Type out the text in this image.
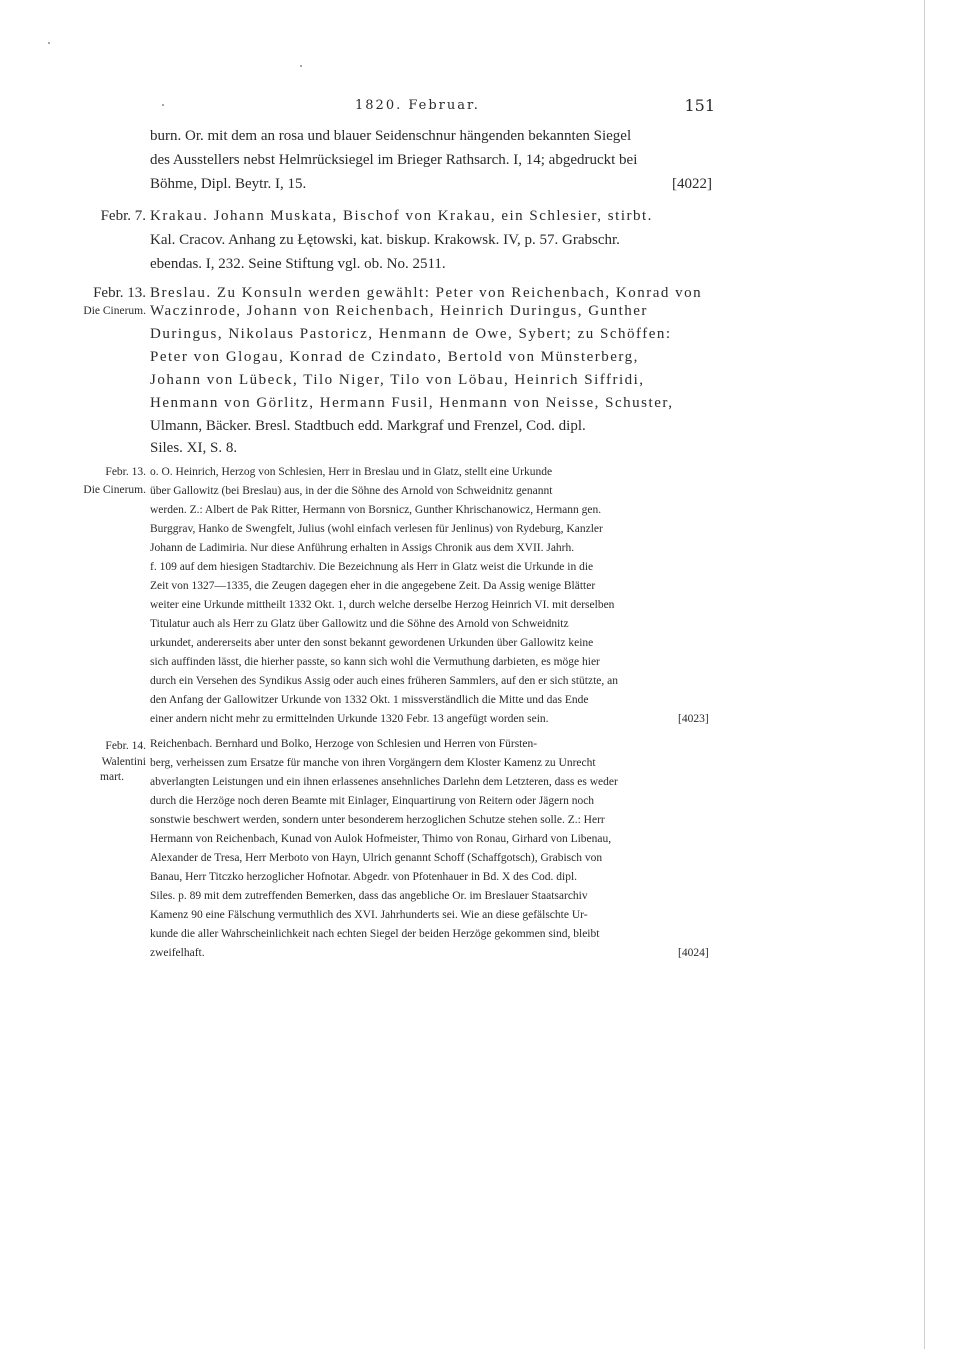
1820. Februar.	151
burn. Or. mit dem an rosa und blauer Seidenschnur hängenden bekannten Siegel
des Ausstellers nebst Helmrücksiegel im Brieger Rathsarch. I, 14; abgedruckt bei
Böhme, Dipl. Beytr. I, 15.	[4022]
Febr. 7. Krakau. Johann Muskata, Bischof von Krakau, ein Schlesier, stirbt.
Kal. Cracov. Anhang zu Łętowski, kat. biskup. Krakowsk. IV, p. 57. Grabschr.
ebendas. I, 232. Seine Stiftung vgl. ob. No. 2511.
Febr. 13.
Die Cinerum.
Breslau. Zu Konsuln werden gewählt: Peter von Reichenbach, Konrad von
Waczinrode, Johann von Reichenbach, Heinrich Duringus, Gunther
Duringus, Nikolaus Pastoricz, Henmann de Owe, Sybert; zu Schöffen:
Peter von Glogau, Konrad de Czindato, Bertold von Münsterberg,
Johann von Lübeck, Tilo Niger, Tilo von Löbau, Heinrich Siffridi,
Henmann von Görlitz, Hermann Fusil, Henmann von Neisse, Schuster,
Ulmann, Bäcker. Bresl. Stadtbuch edd. Markgraf und Frenzel, Cod. dipl.
Siles. XI, S. 8.
Febr. 13.
Die Cinerum.
o. O. Heinrich, Herzog von Schlesien, Herr in Breslau und in Glatz, stellt eine Urkunde
über Gallowitz (bei Breslau) aus, in der die Söhne des Arnold von Schweidnitz genannt
werden. Z.: Albert de Pak Ritter, Hermann von Borsnicz, Gunther Khrischanowicz, Hermann gen.
Burggrav, Hanko de Swengfelt, Julius (wohl einfach verlesen für Jenlinus) von Rydeburg, Kanzler
Johann de Ladimiria. Nur diese Anführung erhalten in Assigs Chronik aus dem XVII. Jahrh.
f. 109 auf dem hiesigen Stadtarchiv. Die Bezeichnung als Herr in Glatz weist die Urkunde in die
Zeit von 1327—1335, die Zeugen dagegen eher in die angegebene Zeit. Da Assig wenige Blätter
weiter eine Urkunde mittheilt 1332 Okt. 1, durch welche derselbe Herzog Heinrich VI. mit derselben
Titulatur auch als Herr zu Glatz über Gallowitz und die Söhne des Arnold von Schweidnitz
urkundet, andererseits aber unter den sonst bekannt gewordenen Urkunden über Gallowitz keine
sich auffinden lässt, die hierher passte, so kann sich wohl die Vermuthung darbieten, es möge hier
durch ein Versehen des Syndikus Assig oder auch eines früheren Sammlers, auf den er sich stützte, an
den Anfang der Gallowitzer Urkunde von 1332 Okt. 1 missverständlich die Mitte und das Ende
einer andern nicht mehr zu ermittelnden Urkunde 1320 Febr. 13 angefügt worden sein.	[4023]
Febr. 14.
Walentini
mart.
Reichenbach. Bernhard und Bolko, Herzoge von Schlesien und Herren von Fürsten-
berg, verheissen zum Ersatze für manche von ihren Vorgängern dem Kloster Kamenz zu Unrecht
abverlangten Leistungen und ein ihnen erlassenes ansehnliches Darlehn dem Letzteren, dass es weder
durch die Herzöge noch deren Beamte mit Einlager, Einquartirung von Reitern oder Jägern noch
sonstwie beschwert werden, sondern unter besonderem herzoglichen Schutze stehen solle. Z.: Herr
Hermann von Reichenbach, Kunad von Aulok Hofmeister, Thimo von Ronau, Girhard von Libenau,
Alexander de Tresa, Herr Merboto von Hayn, Ulrich genannt Schoff (Schaffgotsch), Grabisch von
Banau, Herr Titczko herzoglicher Hofnotar. Abgedr. von Pfotenhauer in Bd. X des Cod. dipl.
Siles. p. 89 mit dem zutreffenden Bemerken, dass das angebliche Or. im Breslauer Staatsarchiv
Kamenz 90 eine Fälschung vermuthlich des XVI. Jahrhunderts sei. Wie an diese gefälschte Ur-
kunde die aller Wahrscheinlichkeit nach echten Siegel der beiden Herzöge gekommen sind, bleibt
zweifelhaft.	[4024]
